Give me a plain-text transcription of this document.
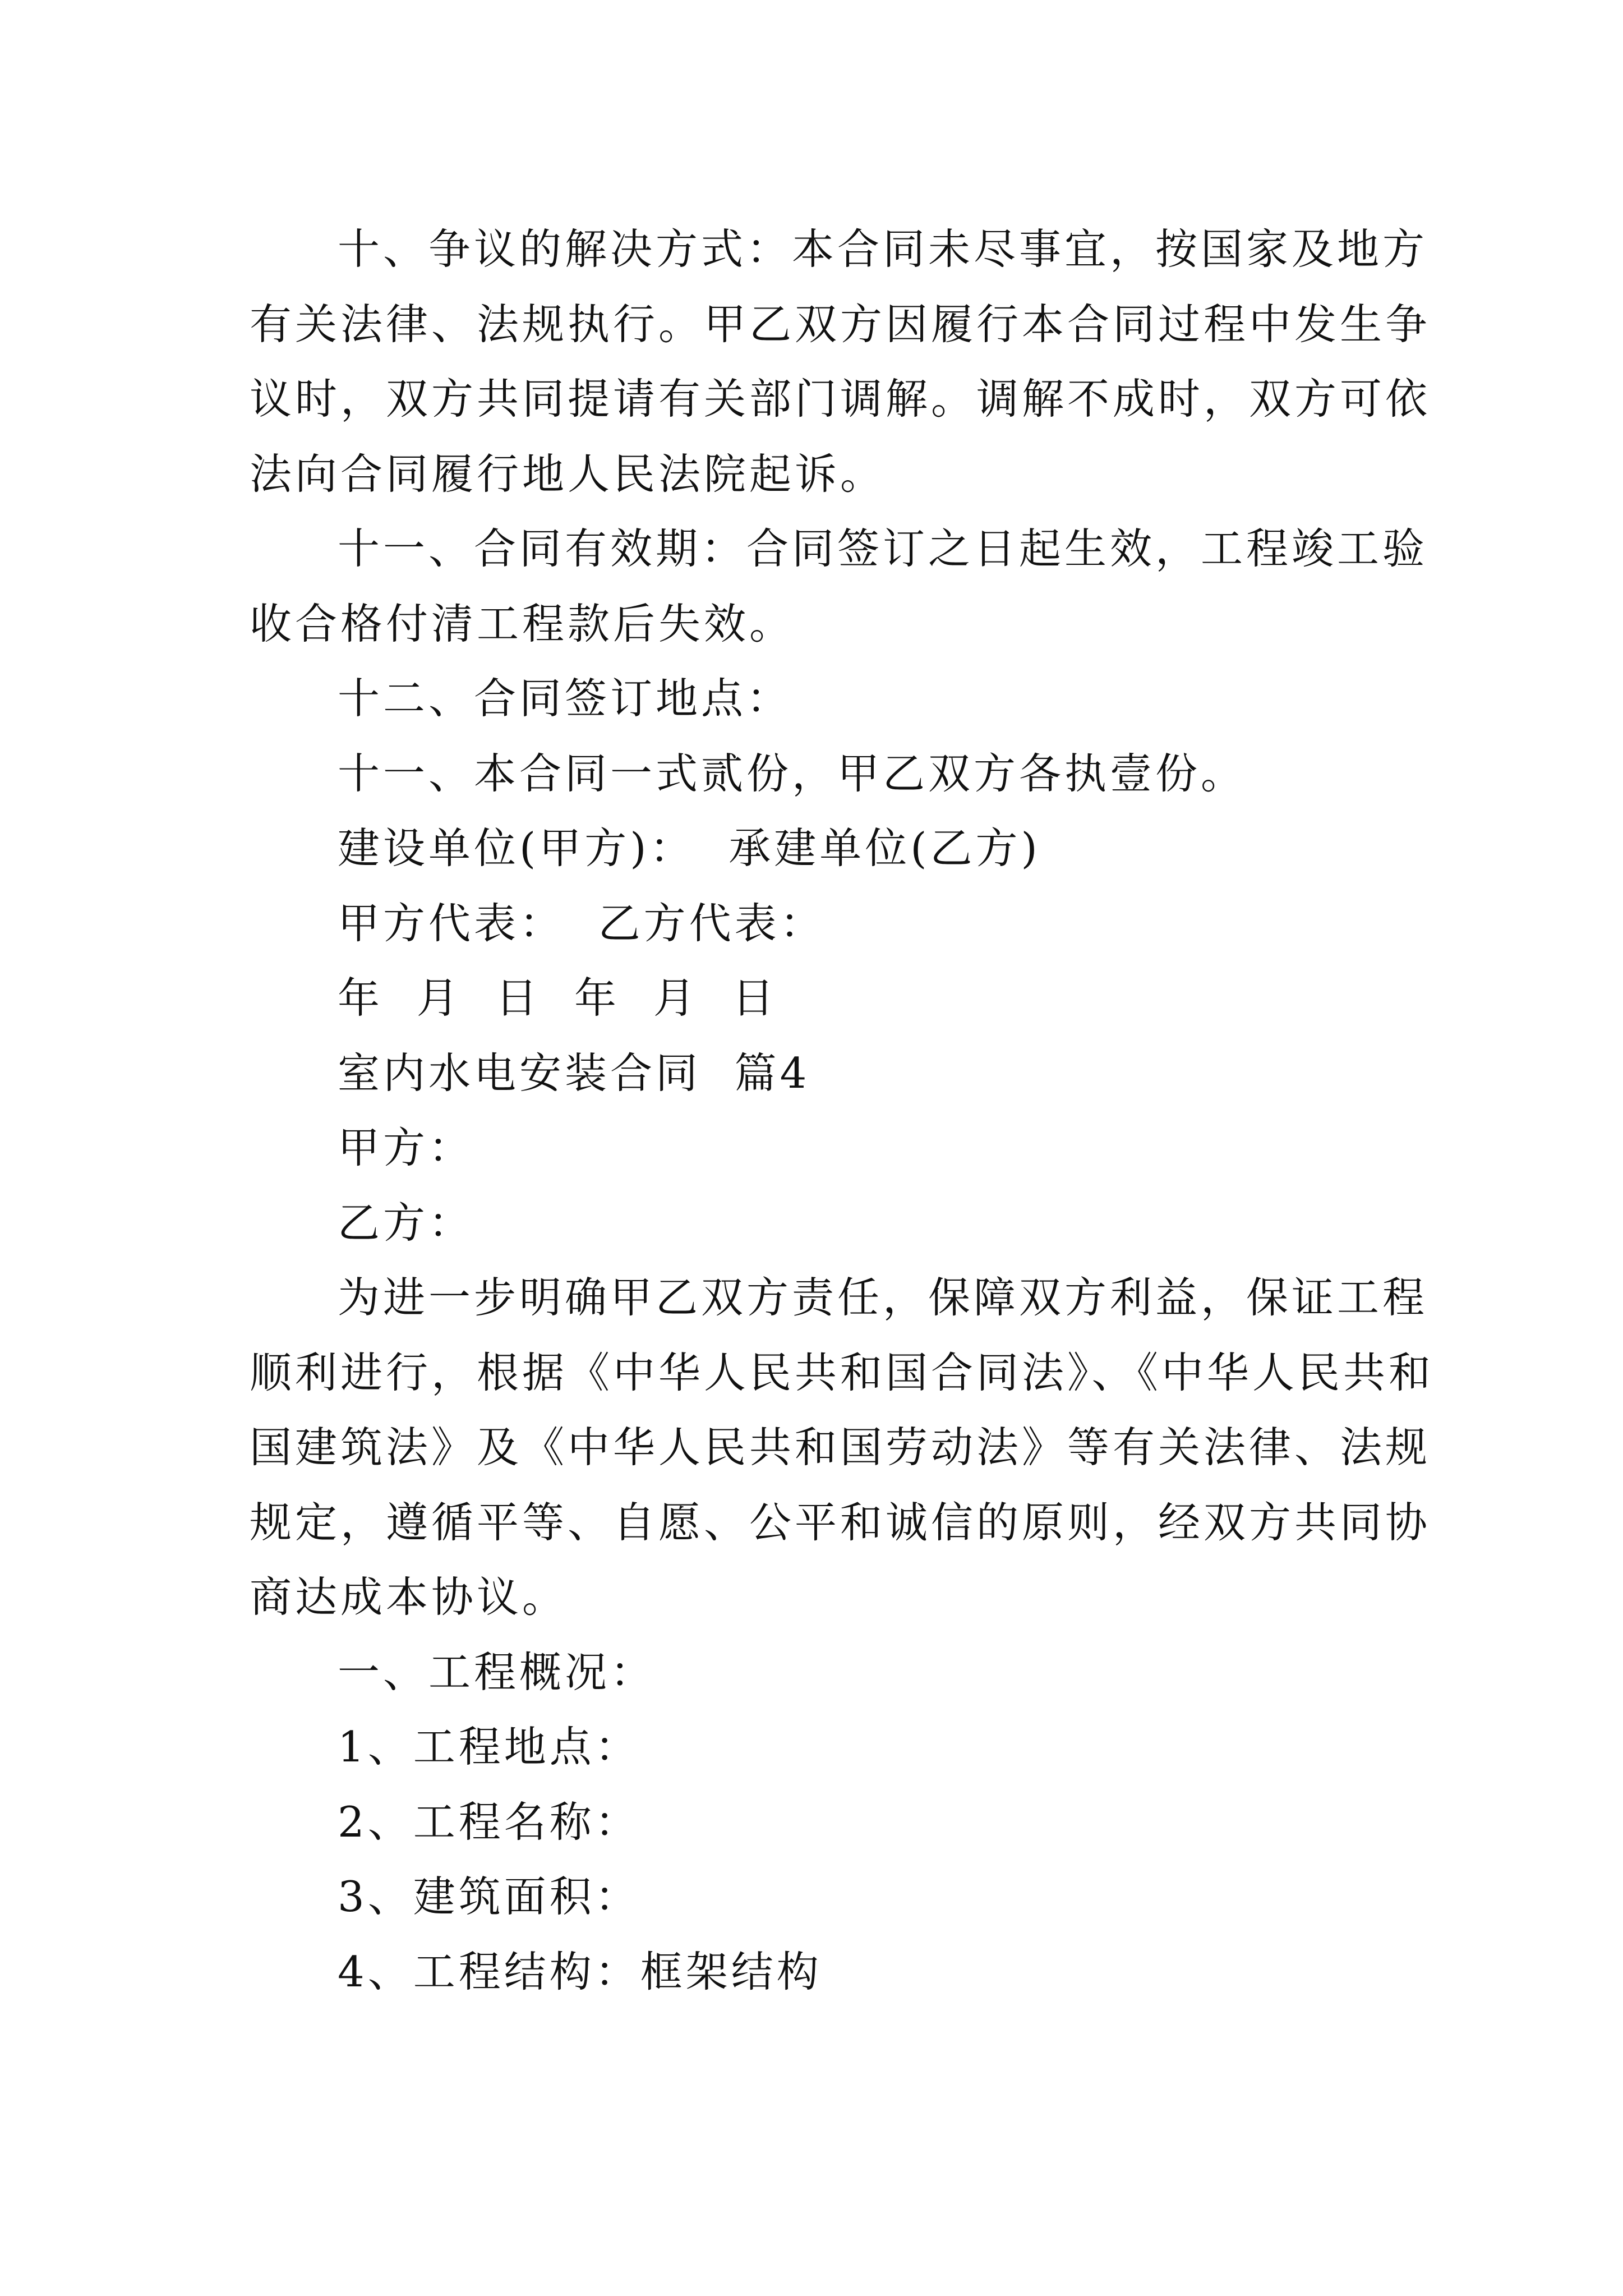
十、争议的解决方式：本合同未尽事宜，按国家及地方

有关法律、法规执行。甲乙双方因履行本合同过程中发生争

议时，双方共同提请有关部门调解。调解不成时，双方可依

法向合同履行地人民法院起诉。

十一、合同有效期：合同签订之日起生效，工程竣工验

收合格付清工程款后失效。

十二、合同签订地点：

十一、本合同一式贰份，甲乙双方各执壹份。

建设单位(甲方)：  承建单位(乙方)

甲方代表：  乙方代表：

年  月  日  年  月  日

室内水电安装合同  篇4

甲方：

乙方：

为进一步明确甲乙双方责任，保障双方利益，保证工程

顺利进行，根据《中华人民共和国合同法》、《中华人民共和

国建筑法》及《中华人民共和国劳动法》等有关法律、法规

规定，遵循平等、自愿、公平和诚信的原则，经双方共同协

商达成本协议。

一、工程概况：

1、工程地点：

2、工程名称：

3、建筑面积：

4、工程结构：框架结构
